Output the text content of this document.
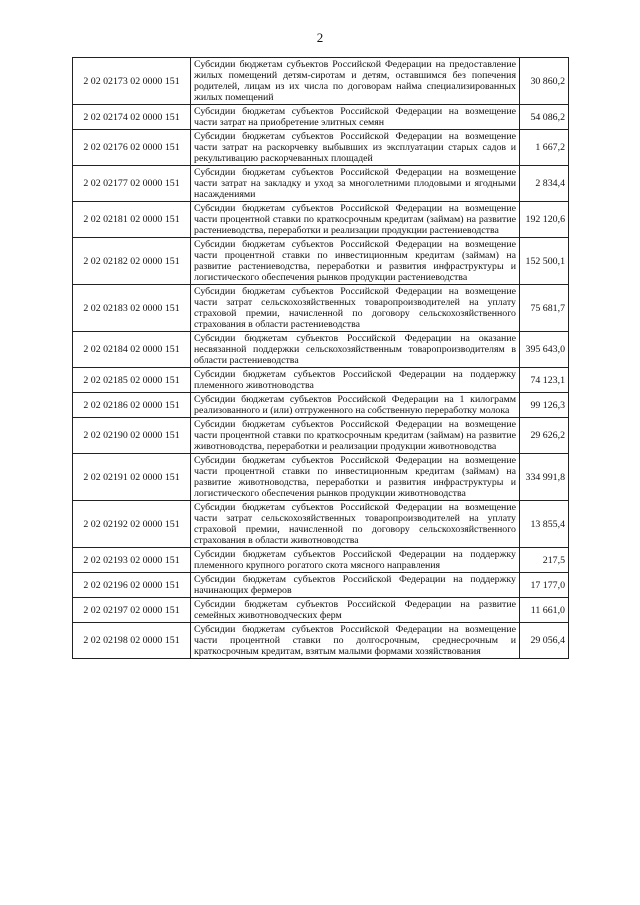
2
2 02 02173 02 0000 151	Субсидии бюджетам субъектов Российской Федерации на предоставление жилых помещений детям-сиротам и детям, оставшимся без попечения родителей, лицам из их числа по договорам найма специализированных жилых помещений	30 860,2
2 02 02174 02 0000 151	Субсидии бюджетам субъектов Российской Федерации на возмещение части затрат на приобретение элитных семян	54 086,2
2 02 02176 02 0000 151	Субсидии бюджетам субъектов Российской Федерации на возмещение части затрат на раскорчевку выбывших из эксплуатации старых садов и рекультивацию раскорчеванных площадей	1 667,2
2 02 02177 02 0000 151	Субсидии бюджетам субъектов Российской Федерации на возмещение части затрат на закладку и уход за многолетними плодовыми и ягодными насаждениями	2 834,4
2 02 02181 02 0000 151	Субсидии бюджетам субъектов Российской Федерации на возмещение части процентной ставки по краткосрочным кредитам (займам) на развитие растениеводства, переработки и реализации продукции растениеводства	192 120,6
2 02 02182 02 0000 151	Субсидии бюджетам субъектов Российской Федерации на возмещение части процентной ставки по инвестиционным кредитам (займам) на развитие растениеводства, переработки и развития инфраструктуры и логистического обеспечения рынков продукции растениеводства	152 500,1
2 02 02183 02 0000 151	Субсидии бюджетам субъектов Российской Федерации на возмещение части затрат сельскохозяйственных товаропроизводителей на уплату страховой премии, начисленной по договору сельскохозяйственного страхования в области растениеводства	75 681,7
2 02 02184 02 0000 151	Субсидии бюджетам субъектов Российской Федерации на оказание несвязанной поддержки сельскохозяйственным товаропроизводителям в области растениеводства	395 643,0
2 02 02185 02 0000 151	Субсидии бюджетам субъектов Российской Федерации на поддержку племенного животноводства	74 123,1
2 02 02186 02 0000 151	Субсидии бюджетам субъектов Российской Федерации на 1 килограмм реализованного и (или) отгруженного на собственную переработку молока	99 126,3
2 02 02190 02 0000 151	Субсидии бюджетам субъектов Российской Федерации на возмещение части процентной ставки по краткосрочным кредитам (займам) на развитие животноводства, переработки и реализации продукции животноводства	29 626,2
2 02 02191 02 0000 151	Субсидии бюджетам субъектов Российской Федерации на возмещение части процентной ставки по инвестиционным кредитам (займам) на развитие животноводства, переработки и развития инфраструктуры и логистического обеспечения рынков продукции животноводства	334 991,8
2 02 02192 02 0000 151	Субсидии бюджетам субъектов Российской Федерации на возмещение части затрат сельскохозяйственных товаропроизводителей на уплату страховой премии, начисленной по договору сельскохозяйственного страхования в области животноводства	13 855,4
2 02 02193 02 0000 151	Субсидии бюджетам субъектов Российской Федерации на поддержку племенного крупного рогатого скота мясного направления	217,5
2 02 02196 02 0000 151	Субсидии бюджетам субъектов Российской Федерации на поддержку начинающих фермеров	17 177,0
2 02 02197 02 0000 151	Субсидии бюджетам субъектов Российской Федерации на развитие семейных животноводческих ферм	11 661,0
2 02 02198 02 0000 151	Субсидии бюджетам субъектов Российской Федерации на возмещение части процентной ставки по долгосрочным, среднесрочным и краткосрочным кредитам, взятым малыми формами хозяйствования	29 056,4
